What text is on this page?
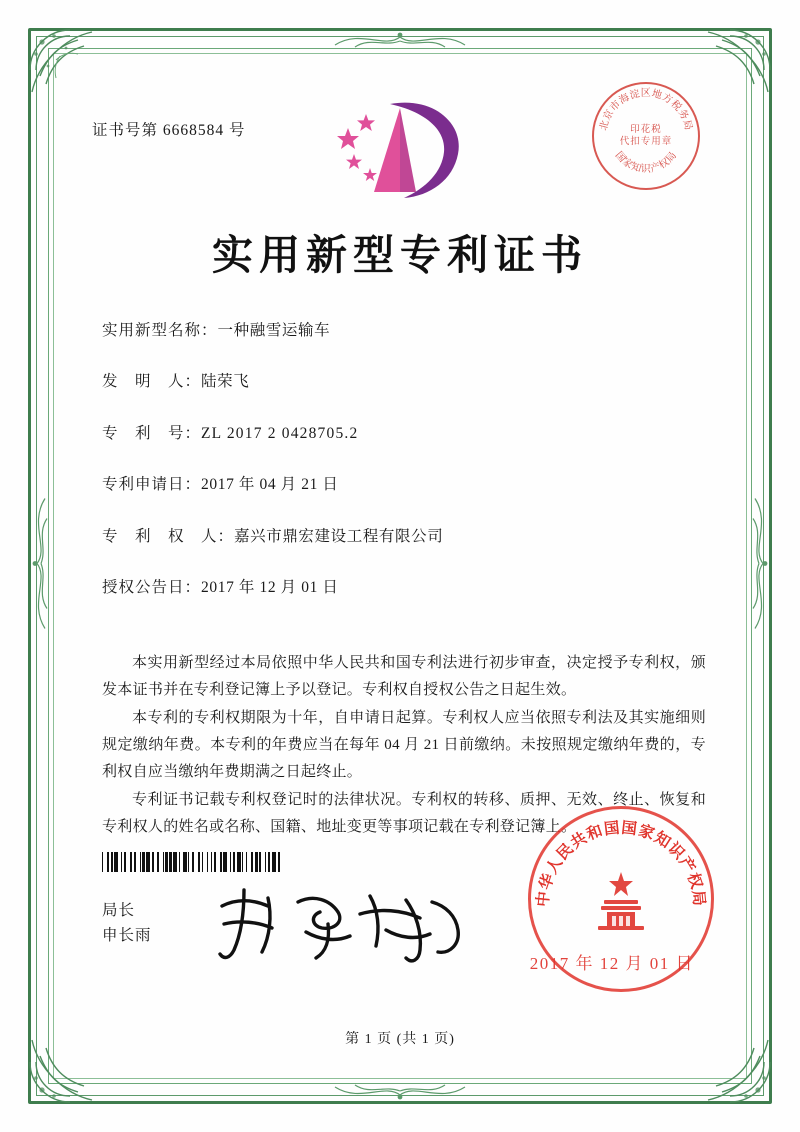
证书号第 6668584 号	北京市海淀区地方税务局
国家知识产权局
印花税
代扣专用章
实用新型专利证书
实用新型名称：一种融雪运输车
发　明　人：陆荣飞
专　利　号：ZL 2017 2 0428705.2
专利申请日：2017 年 04 月 21 日
专　利　权　人：嘉兴市鼎宏建设工程有限公司
授权公告日：2017 年 12 月 01 日

本实用新型经过本局依照中华人民共和国专利法进行初步审查，决定授予专利权，颁发本证书并在专利登记簿上予以登记。专利权自授权公告之日起生效。

本专利的专利权期限为十年，自申请日起算。专利权人应当依照专利法及其实施细则规定缴纳年费。本专利的年费应当在每年 04 月 21 日前缴纳。未按照规定缴纳年费的，专利权自应当缴纳年费期满之日起终止。

专利证书记载专利权登记时的法律状况。专利权的转移、质押、无效、终止、恢复和专利权人的姓名或名称、国籍、地址变更等事项记载在专利登记簿上。

局长
申长雨
中华人民共和国国家知识产权局
2017 年 12 月 01 日
第 1 页 (共 1 页)
